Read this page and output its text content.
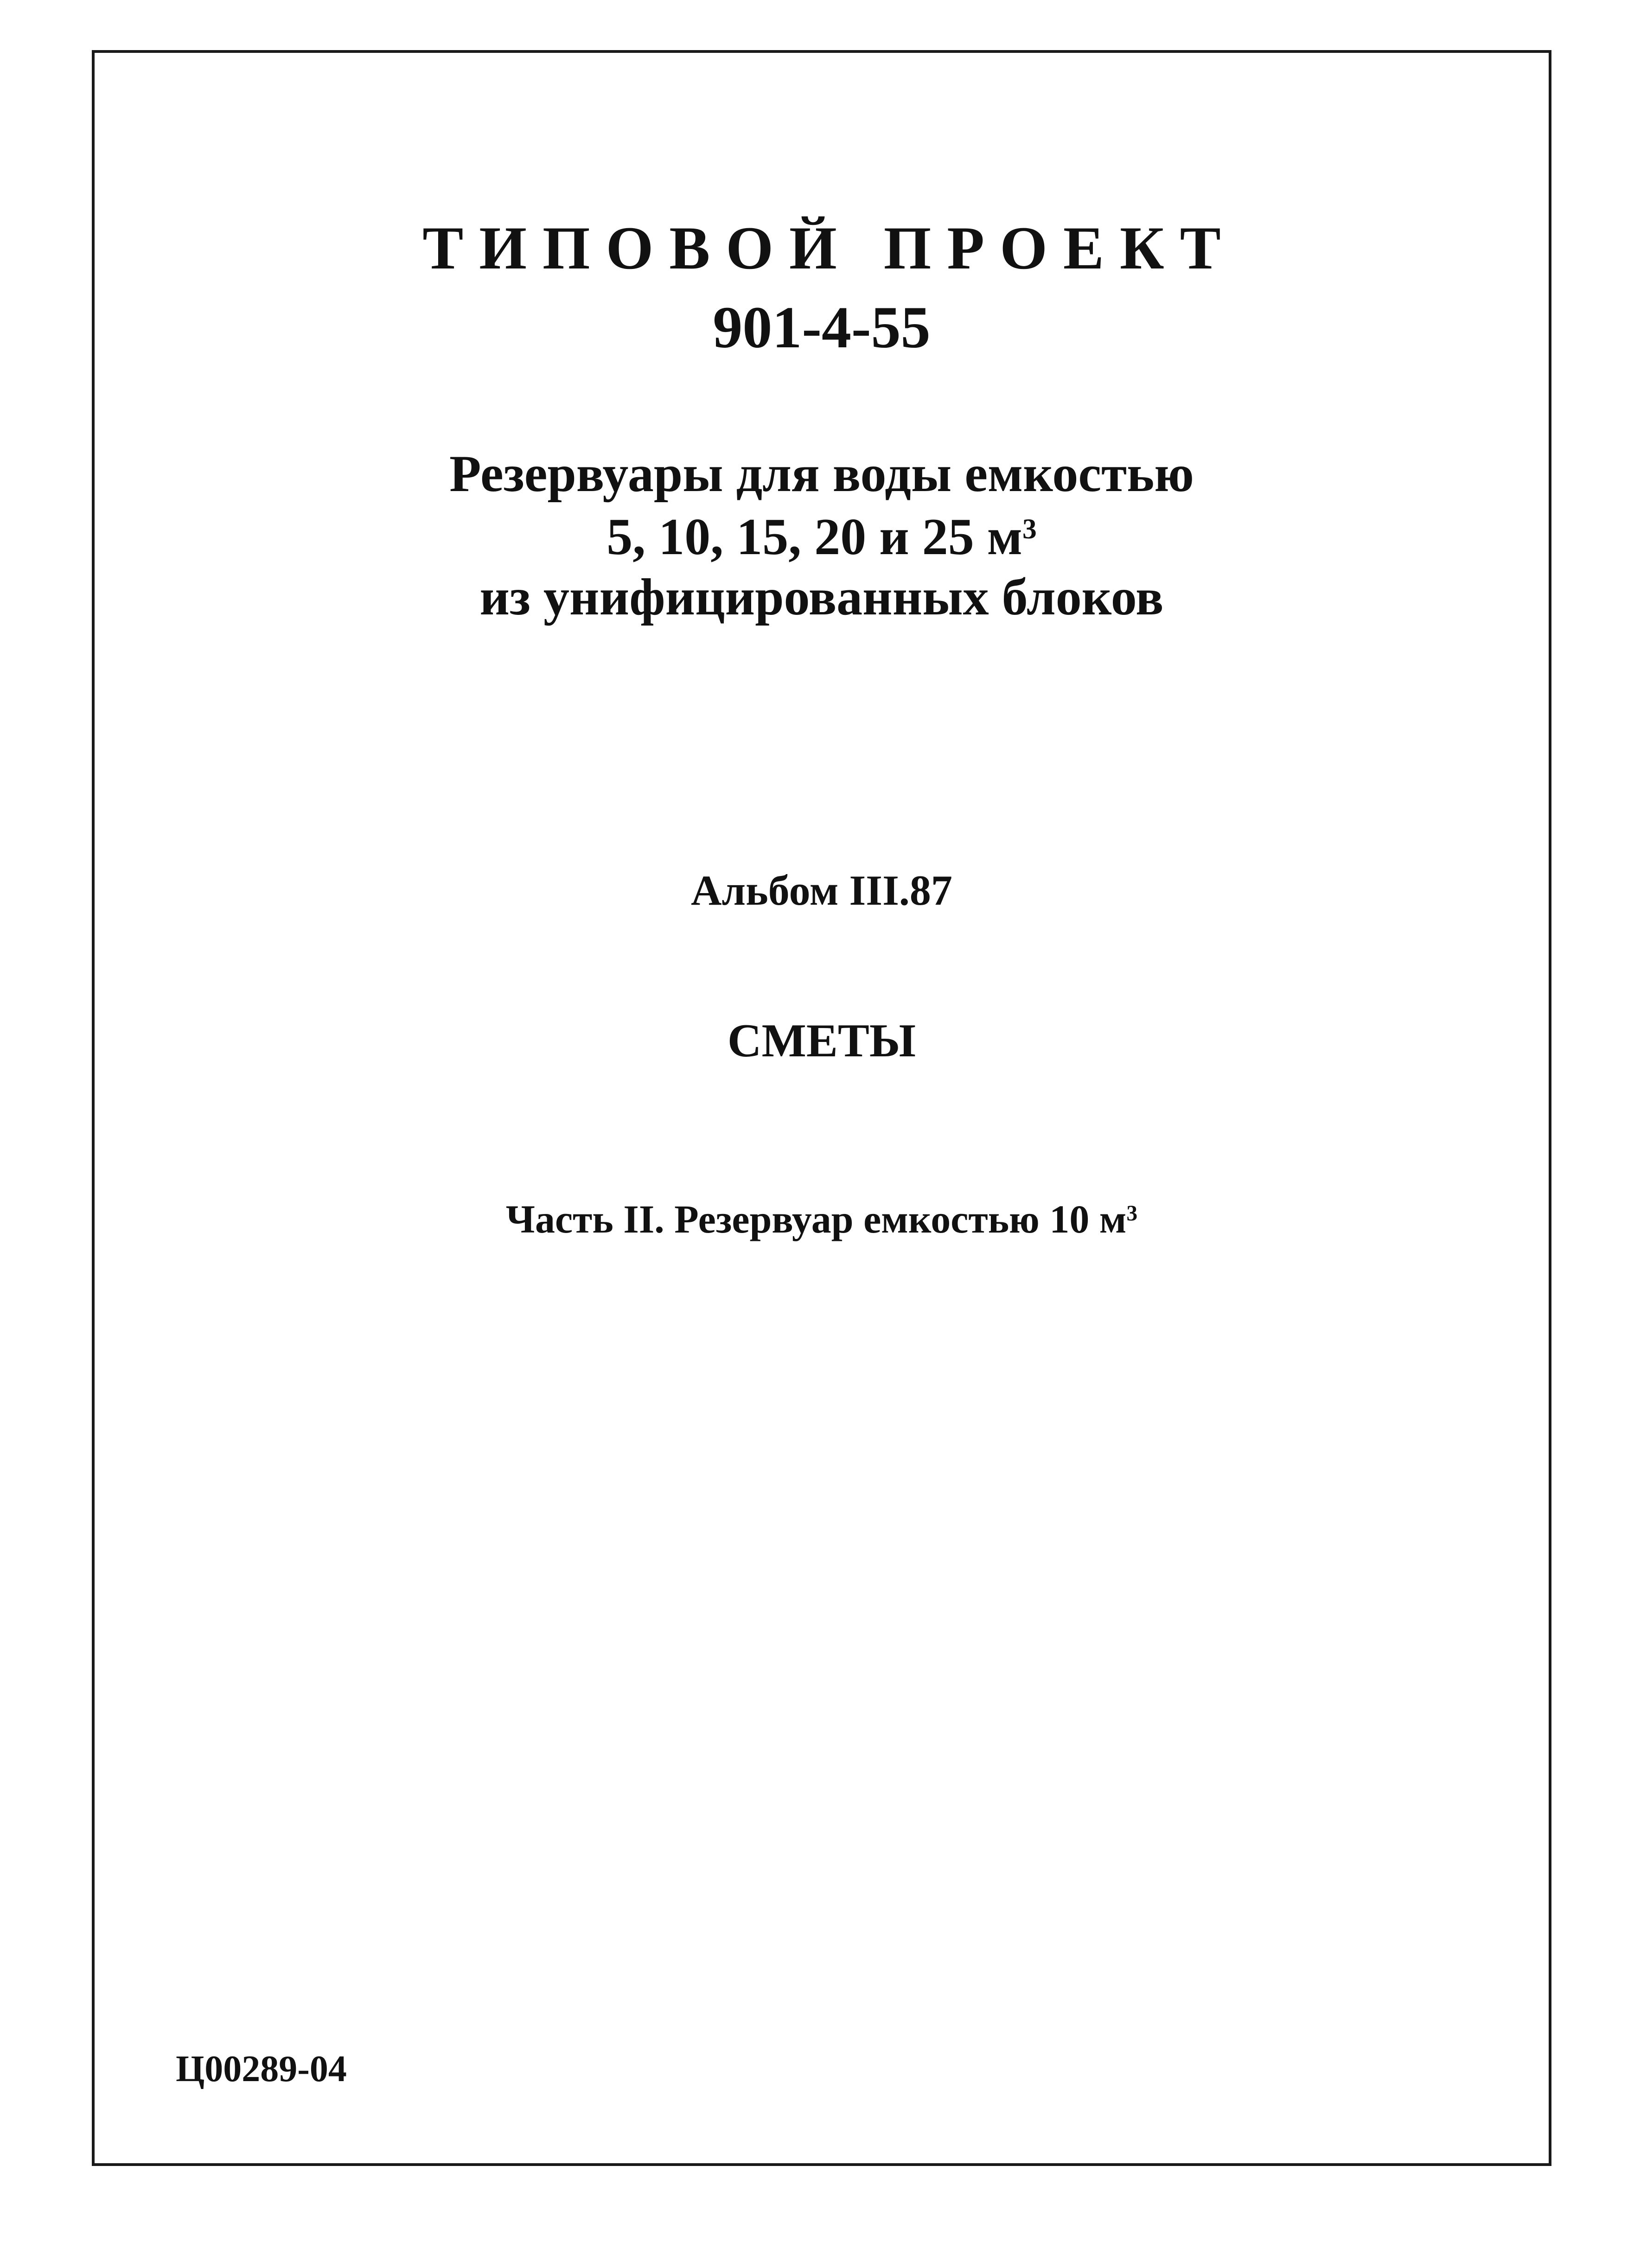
ТИПОВОЙ ПРОЕКТ
901-4-55
Резервуары для воды емкостью
5, 10, 15, 20 и 25 $м^3$
из унифицированных блоков
Альбом III.87
СМЕТЫ
Часть II. Резервуар емкостью 10 $м^3$
Ц00289-04
